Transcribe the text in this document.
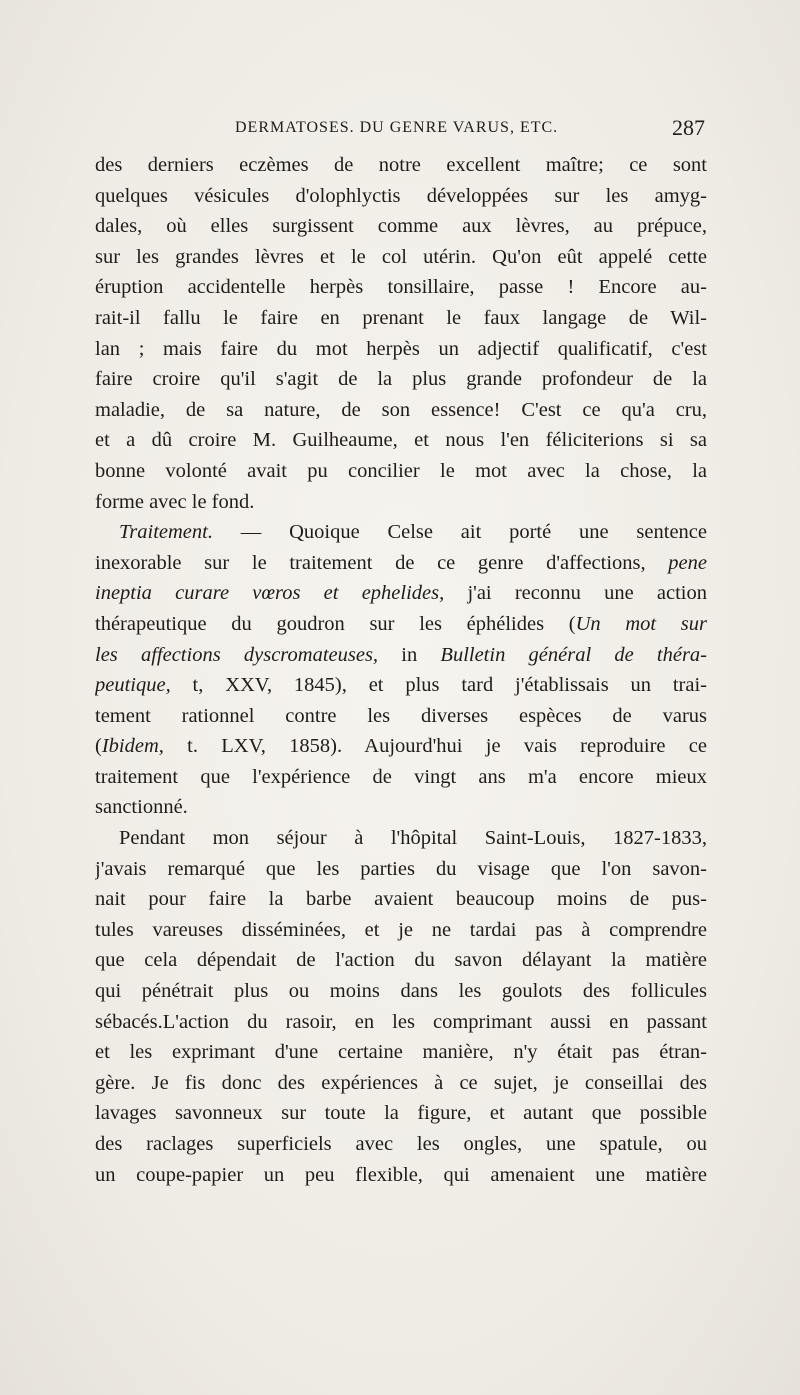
DERMATOSES. DU GENRE VARUS, ETC.	287
des derniers eczèmes de notre excellent maître; ce sont
quelques vésicules d'olophlyctis développées sur les amyg-
dales, où elles surgissent comme aux lèvres, au prépuce,
sur les grandes lèvres et le col utérin. Qu'on eût appelé cette
éruption accidentelle herpès tonsillaire, passe ! Encore au-
rait-il fallu le faire en prenant le faux langage de Wil-
lan ; mais faire du mot herpès un adjectif qualificatif, c'est
faire croire qu'il s'agit de la plus grande profondeur de la
maladie, de sa nature, de son essence! C'est ce qu'a cru,
et a dû croire M. Guilheaume, et nous l'en féliciterions si sa
bonne volonté avait pu concilier le mot avec la chose, la
forme avec le fond.
Traitement. — Quoique Celse ait porté une sentence
inexorable sur le traitement de ce genre d'affections, pene
ineptia curare vœros et ephelides, j'ai reconnu une action
thérapeutique du goudron sur les éphélides (Un mot sur
les affections dyscromateuses, in Bulletin général de théra-
peutique, t, XXV, 1845), et plus tard j'établissais un trai-
tement rationnel contre les diverses espèces de varus
(Ibidem, t. LXV, 1858). Aujourd'hui je vais reproduire ce
traitement que l'expérience de vingt ans m'a encore mieux
sanctionné.
Pendant mon séjour à l'hôpital Saint-Louis, 1827-1833,
j'avais remarqué que les parties du visage que l'on savon-
nait pour faire la barbe avaient beaucoup moins de pus-
tules vareuses disséminées, et je ne tardai pas à comprendre
que cela dépendait de l'action du savon délayant la matière
qui pénétrait plus ou moins dans les goulots des follicules
sébacés.L'action du rasoir, en les comprimant aussi en passant
et les exprimant d'une certaine manière, n'y était pas étran-
gère. Je fis donc des expériences à ce sujet, je conseillai des
lavages savonneux sur toute la figure, et autant que possible
des raclages superficiels avec les ongles, une spatule, ou
un coupe-papier un peu flexible, qui amenaient une matière
